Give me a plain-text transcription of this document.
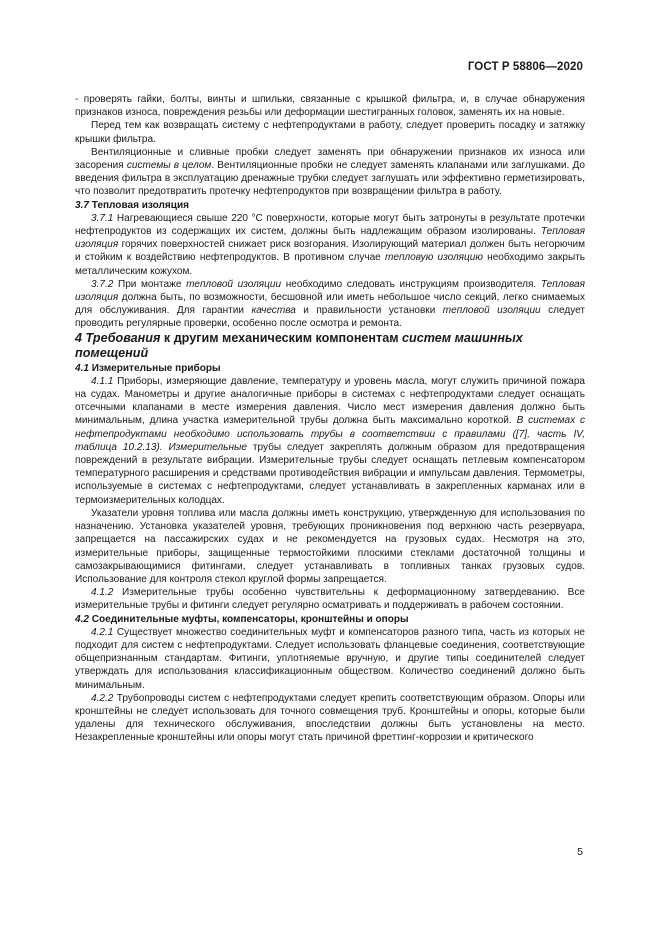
ГОСТ Р 58806—2020

- проверять гайки, болты, винты и шпильки, связанные с крышкой фильтра, и, в случае обнаружения признаков износа, повреждения резьбы или деформации шестигранных головок, заменять их на новые.

Перед тем как возвращать систему с нефтепродуктами в работу, следует проверить посадку и затяжку крышки фильтра.

Вентиляционные и сливные пробки следует заменять при обнаружении признаков их износа или засорения системы в целом. Вентиляционные пробки не следует заменять клапанами или заглушками. До введения фильтра в эксплуатацию дренажные трубки следует заглушать или эффективно герметизировать, что позволит предотвратить протечку нефтепродуктов при возвращении фильтра в работу.

3.7 Тепловая изоляция

3.7.1 Нагревающиеся свыше 220 °С поверхности, которые могут быть затронуты в результате протечки нефтепродуктов из содержащих их систем, должны быть надлежащим образом изолированы. Тепловая изоляция горячих поверхностей снижает риск возгорания. Изолирующий материал должен быть негорючим и стойким к воздействию нефтепродуктов. В противном случае тепловую изоляцию необходимо закрыть металлическим кожухом.

3.7.2 При монтаже тепловой изоляции необходимо следовать инструкциям производителя. Тепловая изоляция должна быть, по возможности, бесшовной или иметь небольшое число секций, легко снимаемых для обслуживания. Для гарантии качества и правильности установки тепловой изоляции следует проводить регулярные проверки, особенно после осмотра и ремонта.

4 Требования к другим механическим компонентам систем машинных помещений

4.1 Измерительные приборы

4.1.1 Приборы, измеряющие давление, температуру и уровень масла, могут служить причиной пожара на судах. Манометры и другие аналогичные приборы в системах с нефтепродуктами следует оснащать отсечными клапанами в месте измерения давления. Число мест измерения давления должно быть минимальным, длина участка измерительной трубы должна быть максимально короткой. В системах с нефтепродуктами необходимо использовать трубы в соответствии с правилами ([7], часть IV, таблица 10.2.13). Измерительные трубы следует закреплять должным образом для предотвращения повреждений в результате вибрации. Измерительные трубы следует оснащать петлевым компенсатором температурного расширения и средствами противодействия вибрации и импульсам давления. Термометры, используемые в системах с нефтепродуктами, следует устанавливать в закрепленных карманах или в термоизмерительных колодцах.

Указатели уровня топлива или масла должны иметь конструкцию, утвержденную для использования по назначению. Установка указателей уровня, требующих проникновения под верхнюю часть резервуара, запрещается на пассажирских судах и не рекомендуется на грузовых судах. Несмотря на это, измерительные приборы, защищенные термостойкими плоскими стеклами достаточной толщины и самозакрывающимися фитингами, следует устанавливать в топливных танках грузовых судов. Использование для контроля стекол круглой формы запрещается.

4.1.2 Измерительные трубы особенно чувствительны к деформационному затвердеванию. Все измерительные трубы и фитинги следует регулярно осматривать и поддерживать в рабочем состоянии.

4.2 Соединительные муфты, компенсаторы, кронштейны и опоры

4.2.1 Существует множество соединительных муфт и компенсаторов разного типа, часть из которых не подходит для систем с нефтепродуктами. Следует использовать фланцевые соединения, соответствующие общепризнанным стандартам. Фитинги, уплотняемые вручную, и другие типы соединителей следует утверждать для использования классификационным обществом. Количество соединений должно быть минимальным.

4.2.2 Трубопроводы систем с нефтепродуктами следует крепить соответствующим образом. Опоры или кронштейны не следует использовать для точного совмещения труб. Кронштейны и опоры, которые были удалены для технического обслуживания, впоследствии должны быть установлены на место. Незакрепленные кронштейны или опоры могут стать причиной фреттинг-коррозии и критического

5
